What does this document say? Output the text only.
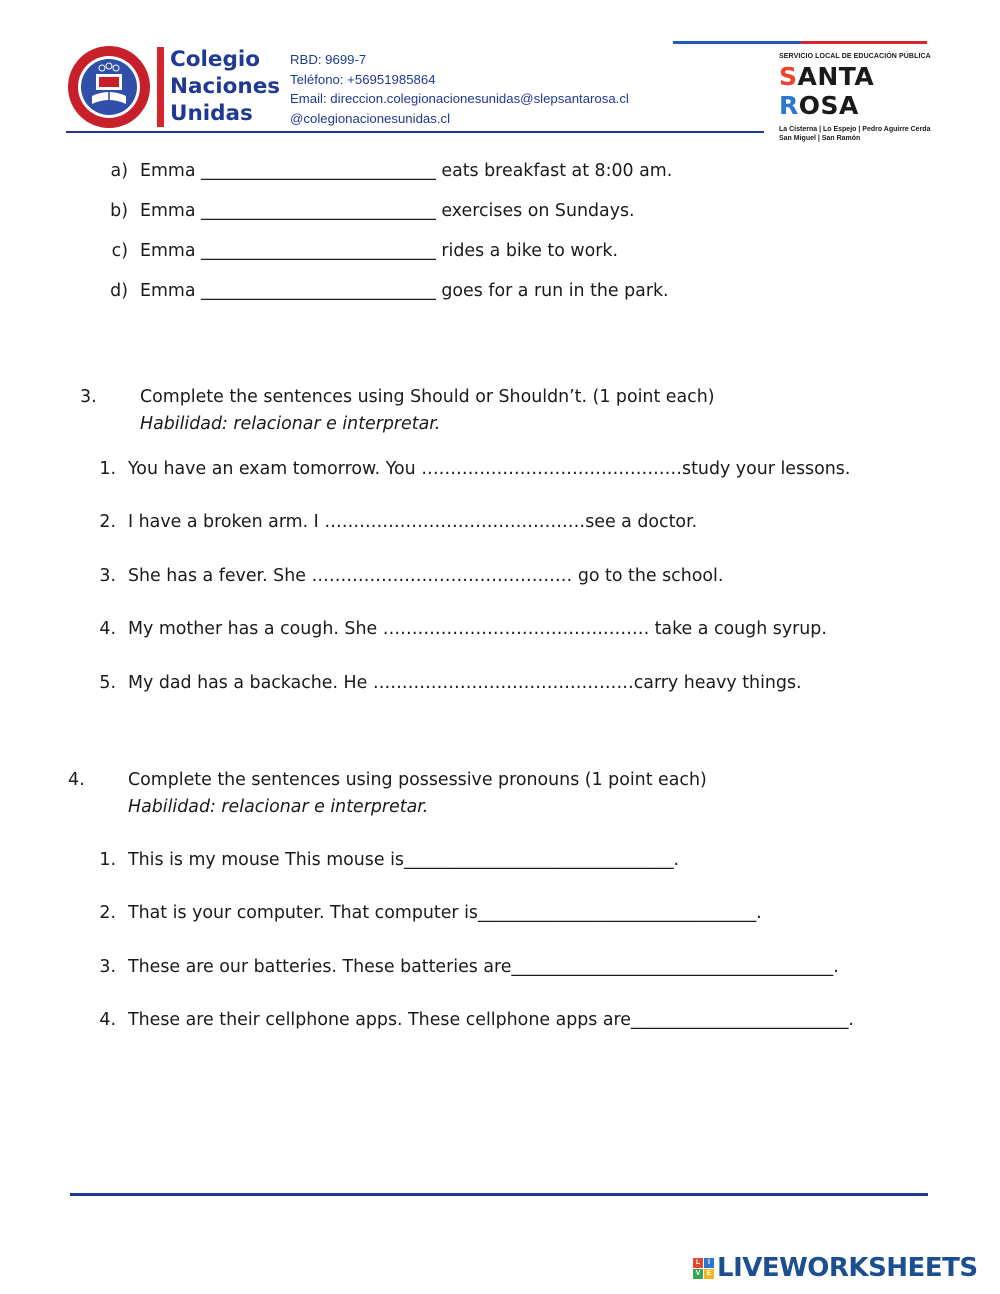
Colegio
Naciones
Unidas
RBD: 9699-7
Teléfono: +56951985864
Email: direccion.colegionacionesunidas@slepsantarosa.cl
@colegionacionesunidas.cl
SERVICIO LOCAL DE EDUCACIÓN PÚBLICA
SANTA
ROSA
La Cisterna | Lo Espejo | Pedro Aguirre Cerda
San Miguel | San Ramón
a) Emma ___________________________ eats breakfast at 8:00 am.
b) Emma ___________________________ exercises on Sundays.
c) Emma ___________________________ rides a bike to work.
d) Emma ___________________________ goes for a run in the park.
3. Complete the sentences using Should or Shouldn’t. (1 point each)
Habilidad: relacionar e interpretar.
1. You have an exam tomorrow. You ………………………………………study your lessons.
2. I have a broken arm. I ………………………………………see a doctor.
3. She has a fever. She ……………………………………… go to the school.
4. My mother has a cough. She ………………………………………. take a cough syrup.
5. My dad has a backache. He ………………………………………carry heavy things.
4. Complete the sentences using possessive pronouns (1 point each)
Habilidad: relacionar e interpretar.
1. This is my mouse This mouse is_______________________________.
2. That is your computer. That computer is________________________________.
3. These are our batteries. These batteries are_____________________________________.
4. These are their cellphone apps. These cellphone apps are_________________________.
L	I
V E LIVEWORKSHEETS
